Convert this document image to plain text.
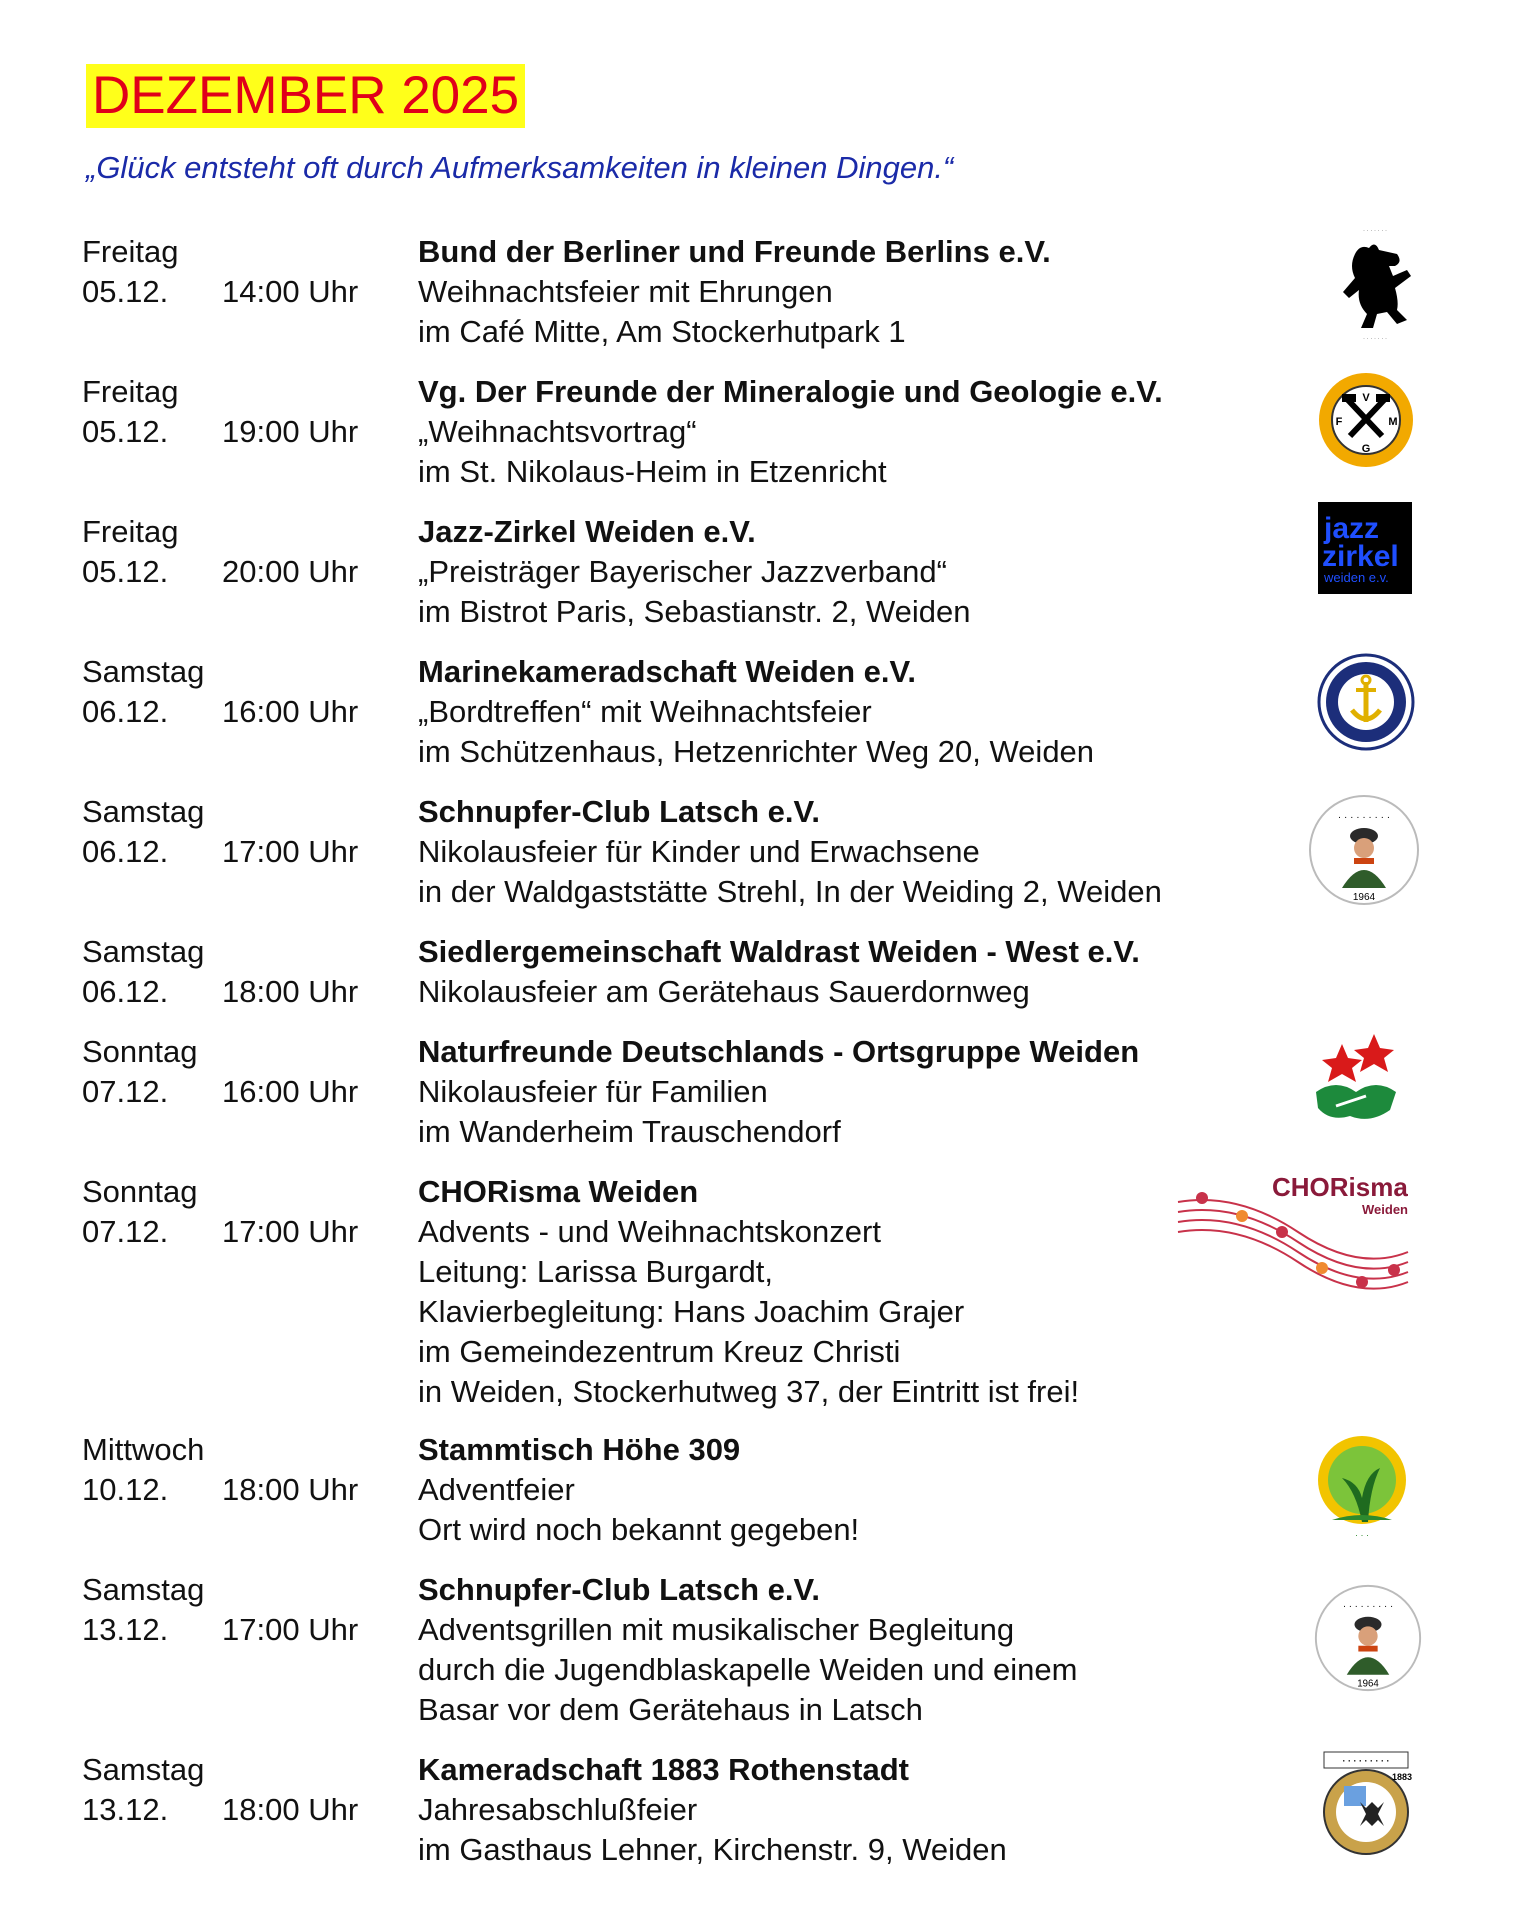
DEZEMBER 2025
„Glück entsteht oft durch Aufmerksamkeiten in kleinen Dingen.“
Freitag
05.12. 14:00 Uhr
Bund der Berliner und Freunde Berlins e.V.
Weihnachtsfeier mit Ehrungen
im Café Mitte, Am Stockerhutpark 1
Freitag
05.12. 19:00 Uhr
Vg. Der Freunde der Mineralogie und Geologie e.V.
„Weihnachtsvortrag“
im St. Nikolaus-Heim in Etzenricht
Freitag
05.12. 20:00 Uhr
Jazz-Zirkel Weiden e.V.
„Preisträger Bayerischer Jazzverband“
im Bistrot Paris, Sebastianstr. 2, Weiden
Samstag
06.12. 16:00 Uhr
Marinekameradschaft Weiden e.V.
„Bordtreffen“ mit Weihnachtsfeier
im Schützenhaus, Hetzenrichter Weg 20, Weiden
Samstag
06.12. 17:00 Uhr
Schnupfer-Club Latsch e.V.
Nikolausfeier für Kinder und Erwachsene
in der Waldgaststätte Strehl, In der Weiding 2, Weiden
Samstag
06.12. 18:00 Uhr
Siedlergemeinschaft Waldrast Weiden - West e.V.
Nikolausfeier am Gerätehaus Sauerdornweg
Sonntag
07.12. 16:00 Uhr
Naturfreunde Deutschlands - Ortsgruppe Weiden
Nikolausfeier für Familien
im Wanderheim Trauschendorf
Sonntag
07.12. 17:00 Uhr
CHORisma Weiden
Advents - und Weihnachtskonzert
Leitung: Larissa Burgardt,
Klavierbegleitung: Hans Joachim Grajer
im Gemeindezentrum Kreuz Christi
in Weiden, Stockerhutweg 37, der Eintritt ist frei!
Mittwoch
10.12. 18:00 Uhr
Stammtisch Höhe 309
Adventfeier
Ort wird noch bekannt gegeben!
Samstag
13.12. 17:00 Uhr
Schnupfer-Club Latsch e.V.
Adventsgrillen mit musikalischer Begleitung
durch die Jugendblaskapelle Weiden und einem
Basar vor dem Gerätehaus in Latsch
Samstag
13.12. 18:00 Uhr
Kameradschaft 1883 Rothenstadt
Jahresabschlußfeier
im Gasthaus Lehner, Kirchenstr. 9, Weiden
· · · · · · ·
· · · · · · ·
V
F	M
G
jazz
zirkel
weiden e.v.
· · · · · · · · ·
1964
CHORisma
Weiden
· · ·
· · · · · · · · ·
1964
· · · · · · · · ·
1883
